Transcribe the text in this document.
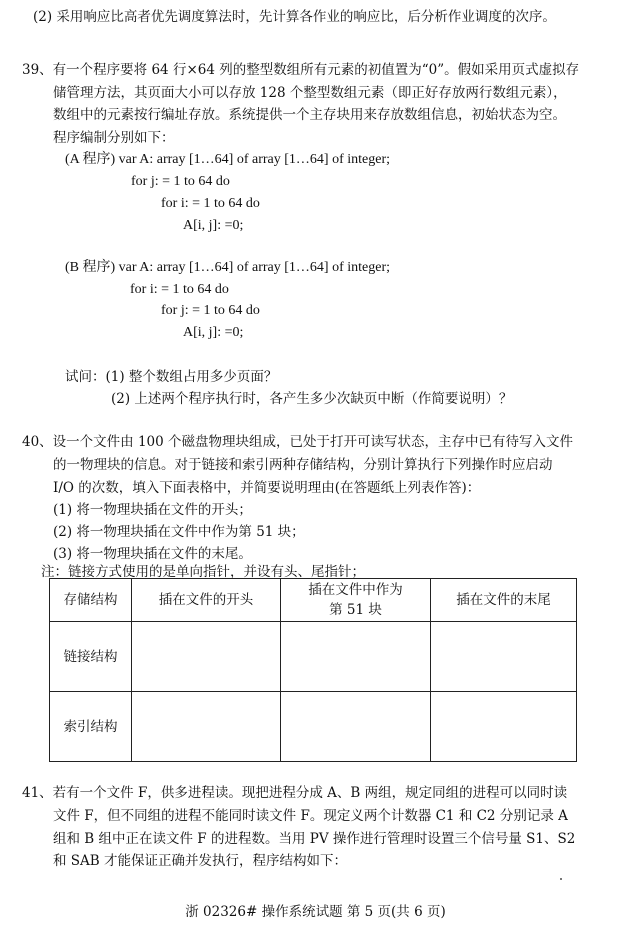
(2) 采用响应比高者优先调度算法时，先计算各作业的响应比，后分析作业调度的次序。
39、有一个程序要将 64 行×64 列的整型数组所有元素的初值置为“0”。假如采用页式虚拟存
储管理方法，其页面大小可以存放 128 个整型数组元素（即正好存放两行数组元素），
数组中的元素按行编址存放。系统提供一个主存块用来存放数组信息，初始状态为空。
程序编制分别如下：
(A 程序) var A: array [1…64] of array [1…64] of integer;
for j: = 1 to 64 do
for i: = 1 to 64 do
A[i, j]: =0;
(B 程序) var A: array [1…64] of array [1…64] of integer;
for i: = 1 to 64 do
for j: = 1 to 64 do
A[i, j]: =0;
试问：(1) 整个数组占用多少页面？
(2) 上述两个程序执行时，各产生多少次缺页中断（作简要说明）？
40、设一个文件由 100 个磁盘物理块组成，已处于打开可读写状态，主存中已有待写入文件
的一物理块的信息。对于链接和索引两种存储结构，分别计算执行下列操作时应启动
I/O 的次数，填入下面表格中，并简要说明理由(在答题纸上列表作答)：
(1) 将一物理块插在文件的开头；
(2) 将一物理块插在文件中作为第 51 块；
(3) 将一物理块插在文件的末尾。
注：链接方式使用的是单向指针，并设有头、尾指针；
存储结构	插在文件的开头	插在文件中作为
第 51 块	插在文件的末尾
链接结构			
索引结构			
41、若有一个文件 F，供多进程读。现把进程分成 A、B 两组，规定同组的进程可以同时读
文件 F，但不同组的进程不能同时读文件 F。现定义两个计数器 C1 和 C2 分别记录 A
组和 B 组中正在读文件 F 的进程数。当用 PV 操作进行管理时设置三个信号量 S1、S2
和 SAB 才能保证正确并发执行，程序结构如下：
浙 02326# 操作系统试题 第 5 页(共 6 页)
